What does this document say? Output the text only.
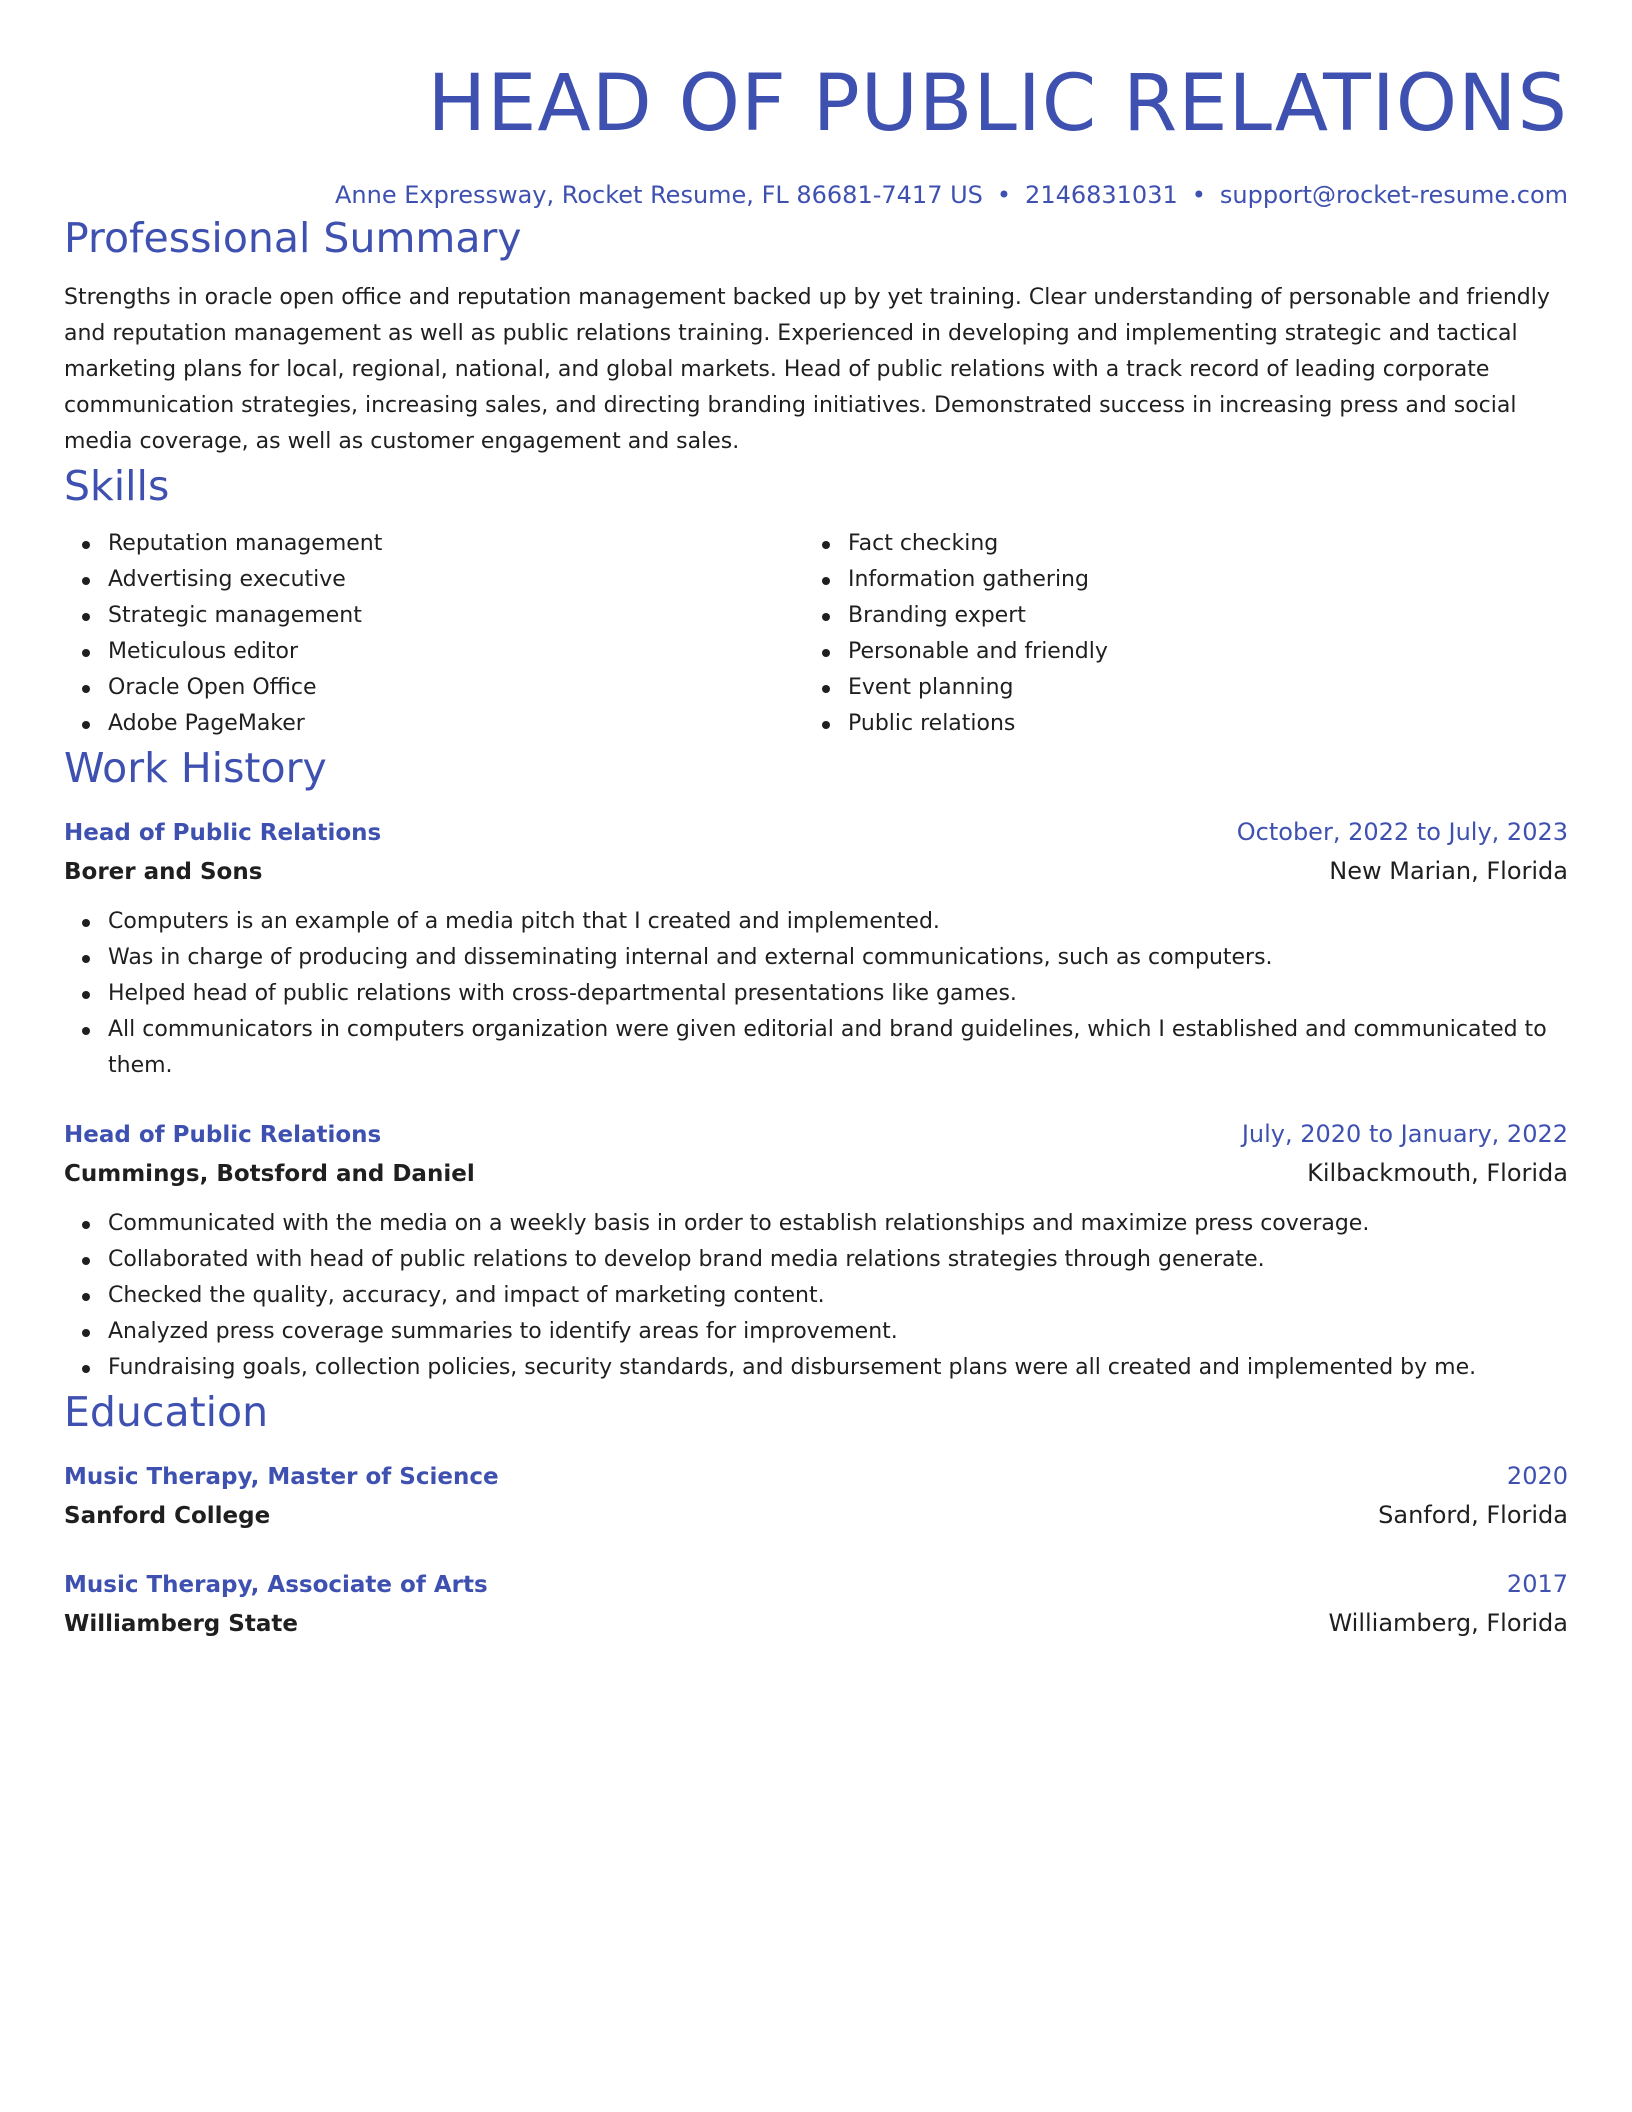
HEAD OF PUBLIC RELATIONS
Anne Expressway, Rocket Resume, FL 86681-7417 US • 2146831031 • support@rocket-resume.com
Professional Summary
Strengths in oracle open office and reputation management backed up by yet training. Clear understanding of personable and friendly and reputation management as well as public relations training. Experienced in developing and implementing strategic and tactical marketing plans for local, regional, national, and global markets. Head of public relations with a track record of leading corporate communication strategies, increasing sales, and directing branding initiatives. Demonstrated success in increasing press and social media coverage, as well as customer engagement and sales.
Skills
Reputation management
Advertising executive
Strategic management
Meticulous editor
Oracle Open Office
Adobe PageMaker
Fact checking
Information gathering
Branding expert
Personable and friendly
Event planning
Public relations
Work History
Head of Public Relations	October, 2022 to July, 2023
Borer and Sons	New Marian, Florida
Computers is an example of a media pitch that I created and implemented.
Was in charge of producing and disseminating internal and external communications, such as computers.
Helped head of public relations with cross-departmental presentations like games.
All communicators in computers organization were given editorial and brand guidelines, which I established and communicated to them.
Head of Public Relations	July, 2020 to January, 2022
Cummings, Botsford and Daniel	Kilbackmouth, Florida
Communicated with the media on a weekly basis in order to establish relationships and maximize press coverage.
Collaborated with head of public relations to develop brand media relations strategies through generate.
Checked the quality, accuracy, and impact of marketing content.
Analyzed press coverage summaries to identify areas for improvement.
Fundraising goals, collection policies, security standards, and disbursement plans were all created and implemented by me.
Education
Music Therapy, Master of Science	2020
Sanford College	Sanford, Florida
Music Therapy, Associate of Arts	2017
Williamberg State	Williamberg, Florida
